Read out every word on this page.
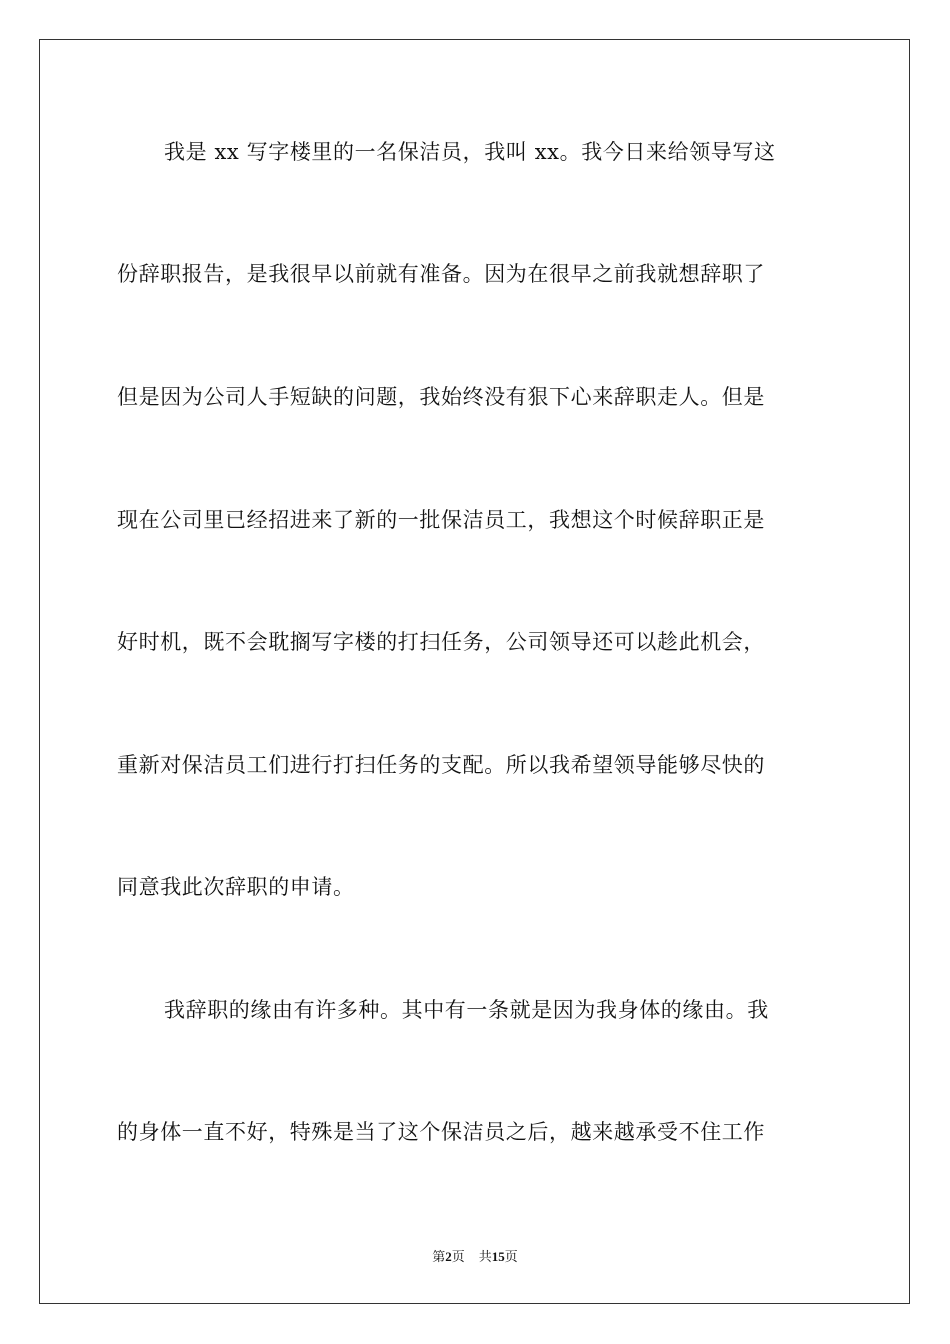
我是 xx 写字楼里的一名保洁员，我叫 xx。我今日来给领导写这
份辞职报告，是我很早以前就有准备。因为在很早之前我就想辞职了
但是因为公司人手短缺的问题，我始终没有狠下心来辞职走人。但是
现在公司里已经招进来了新的一批保洁员工，我想这个时候辞职正是
好时机，既不会耽搁写字楼的打扫任务，公司领导还可以趁此机会，
重新对保洁员工们进行打扫任务的支配。所以我希望领导能够尽快的
同意我此次辞职的申请。
我辞职的缘由有许多种。其中有一条就是因为我身体的缘由。我
的身体一直不好，特殊是当了这个保洁员之后，越来越承受不住工作
第2页 共15页
